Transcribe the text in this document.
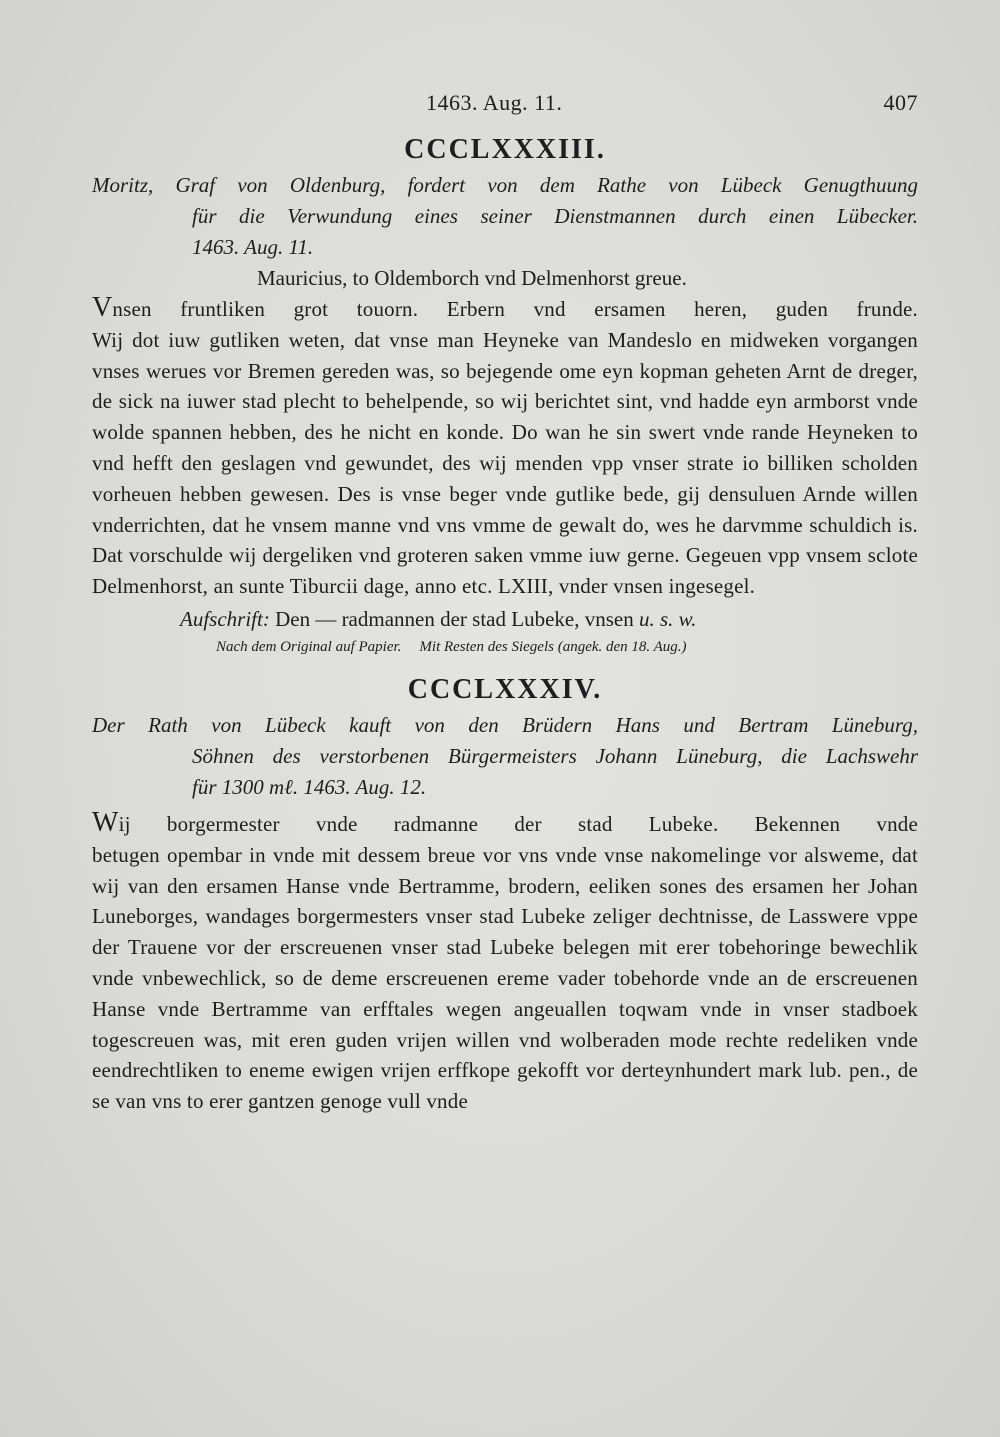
1463. Aug. 11.	407
CCCLXXXIII.
Moritz, Graf von Oldenburg, fordert von dem Rathe von Lübeck Genugthuung
für die Verwundung eines seiner Dienstmannen durch einen Lübecker.
1463. Aug. 11.
Mauricius, to Oldemborch vnd Delmenhorst greue.
Vnsen fruntliken grot touorn. Erbern vnd ersamen heren, guden frunde.
Wij dot iuw gutliken weten, dat vnse man Heyneke van Mandeslo en midweken vorgangen vnses werues vor Bremen gereden was, so bejegende ome eyn kopman geheten Arnt de dreger, de sick na iuwer stad plecht to behelpende, so wij berichtet sint, vnd hadde eyn armborst vnde wolde spannen hebben, des he nicht en konde. Do wan he sin swert vnde rande Heyneken to vnd hefft den geslagen vnd gewundet, des wij menden vpp vnser strate io billiken scholden vorheuen hebben gewesen. Des is vnse beger vnde gutlike bede, gij densuluen Arnde willen vnderrichten, dat he vnsem manne vnd vns vmme de gewalt do, wes he darvmme schuldich is. Dat vorschulde wij dergeliken vnd groteren saken vmme iuw gerne. Gegeuen vpp vnsem sclote Delmenhorst, an sunte Tiburcii dage, anno etc. LXIII, vnder vnsen ingesegel.
Aufschrift: Den — radmannen der stad Lubeke, vnsen u. s. w.
Nach dem Original auf Papier. Mit Resten des Siegels (angek. den 18. Aug.)
CCCLXXXIV.
Der Rath von Lübeck kauft von den Brüdern Hans und Bertram Lüneburg,
Söhnen des verstorbenen Bürgermeisters Johann Lüneburg, die Lachswehr
für 1300 mℓ. 1463. Aug. 12.
Wij borgermester vnde radmanne der stad Lubeke. Bekennen vnde
betugen opembar in vnde mit dessem breue vor vns vnde vnse nakomelinge vor alsweme, dat wij van den ersamen Hanse vnde Bertramme, brodern, eeliken sones des ersamen her Johan Luneborges, wandages borgermesters vnser stad Lubeke zeliger dechtnisse, de Lasswere vppe der Trauene vor der erscreuenen vnser stad Lubeke belegen mit erer tobehoringe bewechlik vnde vnbewechlick, so de deme erscreuenen ereme vader tobehorde vnde an de erscreuenen Hanse vnde Bertramme van erfftales wegen angeuallen toqwam vnde in vnser stadboek togescreuen was, mit eren guden vrijen willen vnd wolberaden mode rechte redeliken vnde eendrechtliken to eneme ewigen vrijen erffkope gekofft vor derteynhundert mark lub. pen., de se van vns to erer gantzen genoge vull vnde
